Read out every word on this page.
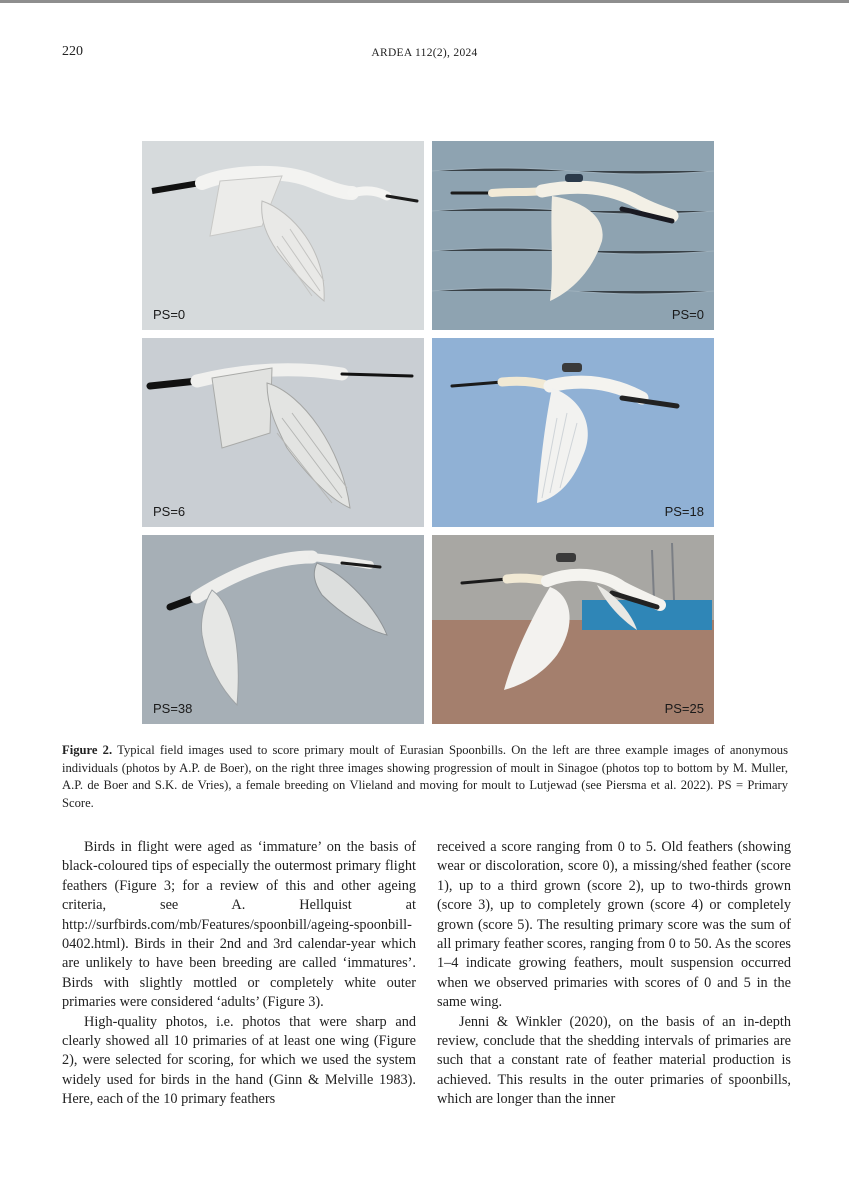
220	ARDEA 112(2), 2024
PS=0	PS=0
PS=6	PS=18
PS=38	PS=25
Figure 2. Typical field images used to score primary moult of Eurasian Spoonbills. On the left are three example images of anonymous individuals (photos by A.P. de Boer), on the right three images showing progression of moult in Sinagoe (photos top to bottom by M. Muller, A.P. de Boer and S.K. de Vries), a female breeding on Vlieland and moving for moult to Lutjewad (see Piersma et al. 2022). PS = Primary Score.

Birds in flight were aged as ‘immature’ on the basis of black-coloured tips of especially the outermost primary flight feathers (Figure 3; for a review of this and other ageing criteria, see A. Hellquist at http://surfbirds.com/mb/Features/spoonbill/ageing-spoonbill-0402.html). Birds in their 2nd and 3rd calendar-year which are unlikely to have been breeding are called ‘immatures’. Birds with slightly mottled or completely white outer primaries were considered ‘adults’ (Figure 3).

High-quality photos, i.e. photos that were sharp and clearly showed all 10 primaries of at least one wing (Figure 2), were selected for scoring, for which we used the system widely used for birds in the hand (Ginn & Melville 1983). Here, each of the 10 primary feathers

received a score ranging from 0 to 5. Old feathers (showing wear or discoloration, score 0), a missing/shed feather (score 1), up to a third grown (score 2), up to two-thirds grown (score 3), up to completely grown (score 4) or completely grown (score 5). The resulting primary score was the sum of all primary feather scores, ranging from 0 to 50. As the scores 1–4 indicate growing feathers, moult suspension occurred when we observed primaries with scores of 0 and 5 in the same wing.

Jenni & Winkler (2020), on the basis of an in-depth review, conclude that the shedding intervals of primaries are such that a constant rate of feather material production is achieved. This results in the outer primaries of spoonbills, which are longer than the inner
